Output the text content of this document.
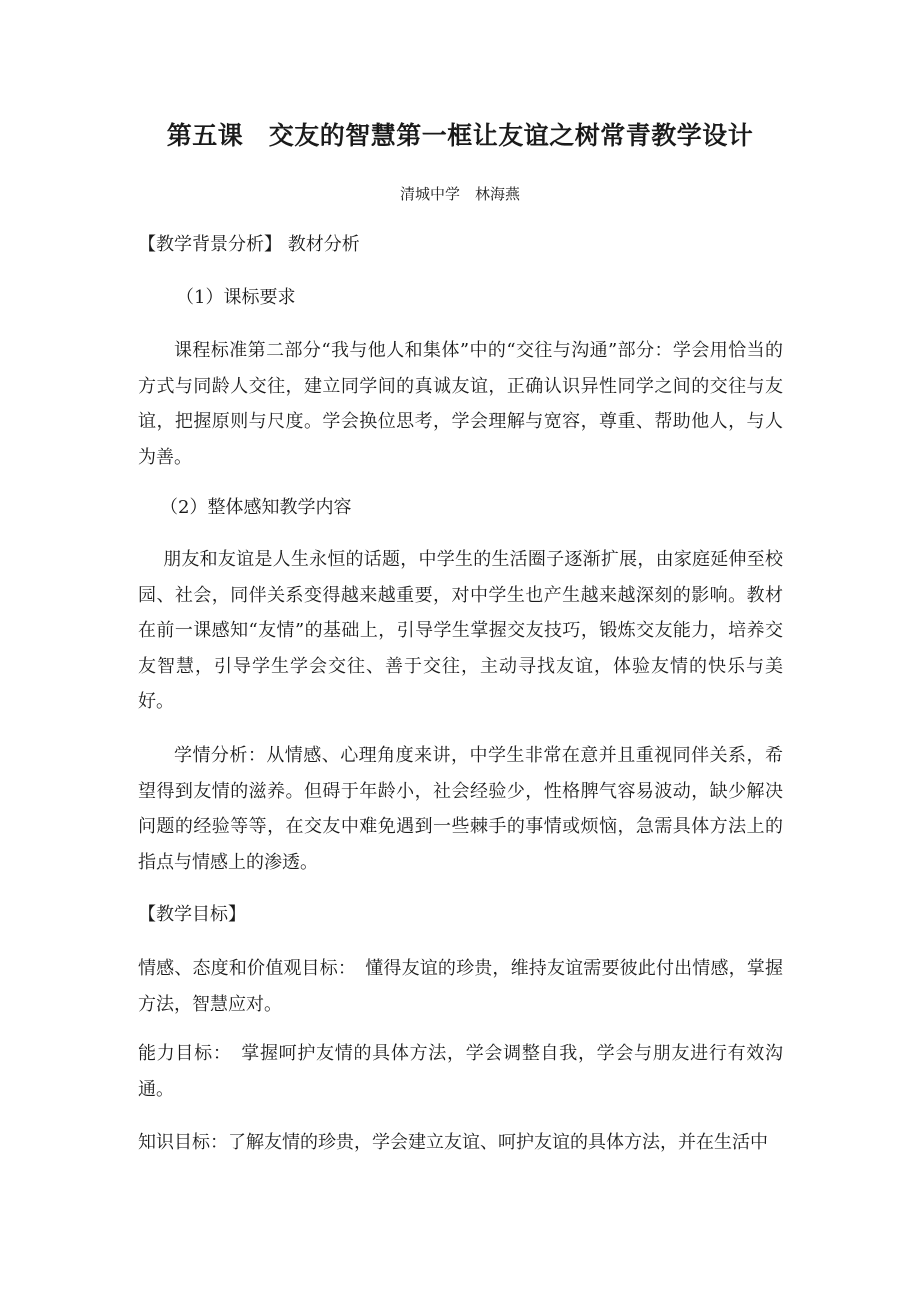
第五课　交友的智慧第一框让友谊之树常青教学设计
清城中学　林海燕
【教学背景分析】 教材分析
（1）课标要求

课程标准第二部分“我与他人和集体”中的“交往与沟通”部分：学会用恰当的方式与同龄人交往，建立同学间的真诚友谊，正确认识异性同学之间的交往与友谊，把握原则与尺度。学会换位思考，学会理解与宽容，尊重、帮助他人，与人为善。

（2）整体感知教学内容

朋友和友谊是人生永恒的话题，中学生的生活圈子逐渐扩展，由家庭延伸至校园、社会，同伴关系变得越来越重要，对中学生也产生越来越深刻的影响。教材在前一课感知“友情”的基础上，引导学生掌握交友技巧，锻炼交友能力，培养交友智慧，引导学生学会交往、善于交往，主动寻找友谊，体验友情的快乐与美好。

学情分析：从情感、心理角度来讲，中学生非常在意并且重视同伴关系，希望得到友情的滋养。但碍于年龄小，社会经验少，性格脾气容易波动，缺少解决问题的经验等等，在交友中难免遇到一些棘手的事情或烦恼，急需具体方法上的指点与情感上的渗透。

【教学目标】

情感、态度和价值观目标：　懂得友谊的珍贵，维持友谊需要彼此付出情感，掌握方法，智慧应对。

能力目标：　掌握呵护友情的具体方法，学会调整自我，学会与朋友进行有效沟通。

知识目标：了解友情的珍贵，学会建立友谊、呵护友谊的具体方法，并在生活中
